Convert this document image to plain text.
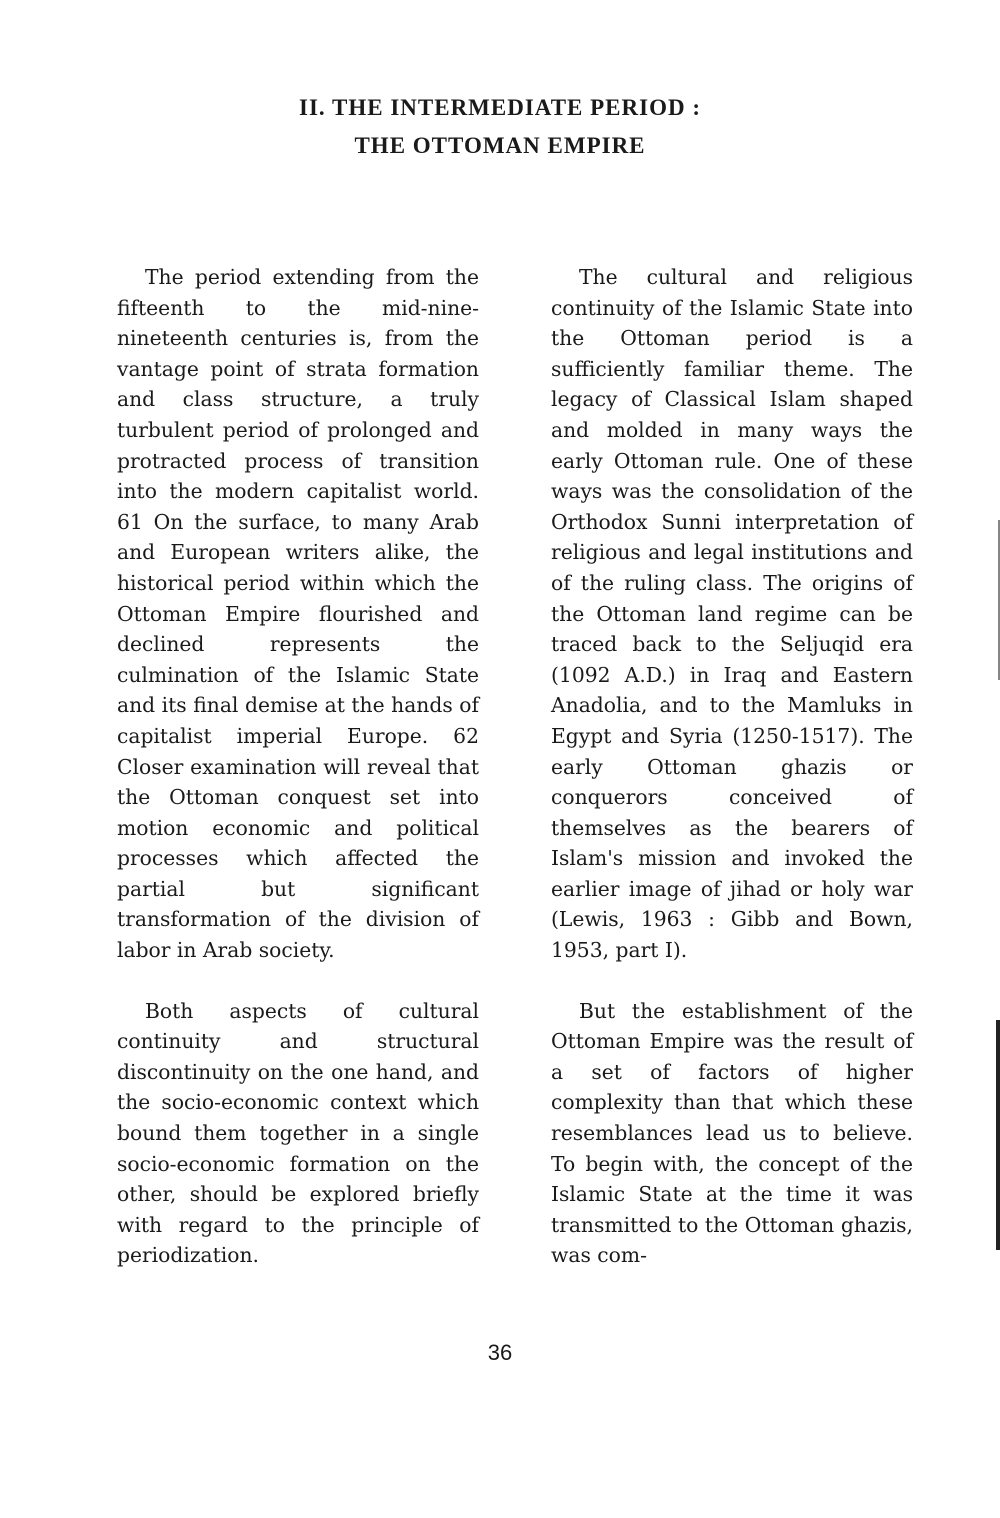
II. THE INTERMEDIATE PERIOD :
THE OTTOMAN EMPIRE

The period extending from the fifteenth to the mid-nine-nineteenth centuries is, from the vantage point of strata formation and class structure, a truly turbulent period of prolonged and protracted process of transition into the modern capitalist world. 61 On the surface, to many Arab and European writers alike, the historical period within which the Ottoman Empire flourished and declined represents the culmination of the Islamic State and its final demise at the hands of capitalist imperial Europe. 62 Closer examination will reveal that the Ottoman conquest set into motion economic and political processes which affected the partial but significant transformation of the division of labor in Arab society.

Both aspects of cultural continuity and structural discontinuity on the one hand, and the socio-economic context which bound them together in a single socio-economic formation on the other, should be explored briefly with regard to the principle of periodization.

The cultural and religious continuity of the Islamic State into the Ottoman period is a sufficiently familiar theme. The legacy of Classical Islam shaped and molded in many ways the early Ottoman rule. One of these ways was the consolidation of the Orthodox Sunni interpretation of religious and legal institutions and of the ruling class. The origins of the Ottoman land regime can be traced back to the Seljuqid era (1092 A.D.) in Iraq and Eastern Anadolia, and to the Mamluks in Egypt and Syria (1250-1517). The early Ottoman ghazis or conquerors conceived of themselves as the bearers of Islam's mission and invoked the earlier image of jihad or holy war (Lewis, 1963 : Gibb and Bown, 1953, part I).

But the establishment of the Ottoman Empire was the result of a set of factors of higher complexity than that which these resemblances lead us to believe. To begin with, the concept of the Islamic State at the time it was transmitted to the Ottoman ghazis, was com-

36
